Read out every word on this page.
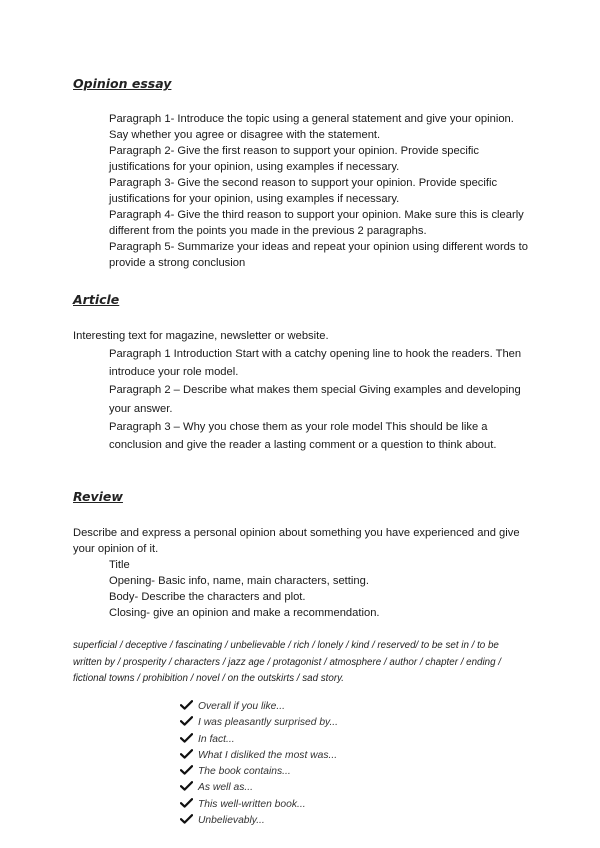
Opinion essay

Paragraph 1- Introduce the topic using a general statement and give your opinion. Say whether you agree or disagree with the statement.

Paragraph 2- Give the first reason to support your opinion. Provide specific justifications for your opinion, using examples if necessary.

Paragraph 3- Give the second reason to support your opinion. Provide specific justifications for your opinion, using examples if necessary.

Paragraph 4- Give the third reason to support your opinion. Make sure this is clearly different from the points you made in the previous 2 paragraphs.

Paragraph 5- Summarize your ideas and repeat your opinion using different words to provide a strong conclusion

Article

Interesting text for magazine, newsletter or website.

Paragraph 1 Introduction Start with a catchy opening line to hook the readers. Then introduce your role model.

Paragraph 2 – Describe what makes them special Giving examples and developing your answer.

Paragraph 3 – Why you chose them as your role model This should be like a conclusion and give the reader a lasting comment or a question to think about.

Review

Describe and express a personal opinion about something you have experienced and give your opinion of it.

Title

Opening- Basic info, name, main characters, setting.

Body- Describe the characters and plot.

Closing- give an opinion and make a recommendation.

superficial / deceptive / fascinating / unbelievable / rich / lonely / kind / reserved/ to be set in / to be written by / prosperity / characters / jazz age / protagonist / atmosphere / author / chapter / ending / fictional towns / prohibition / novel / on the outskirts / sad story.

Overall if you like...
I was pleasantly surprised by...
In fact...
What I disliked the most was...
The book contains...
As well as...
This well-written book...
Unbelievably...
